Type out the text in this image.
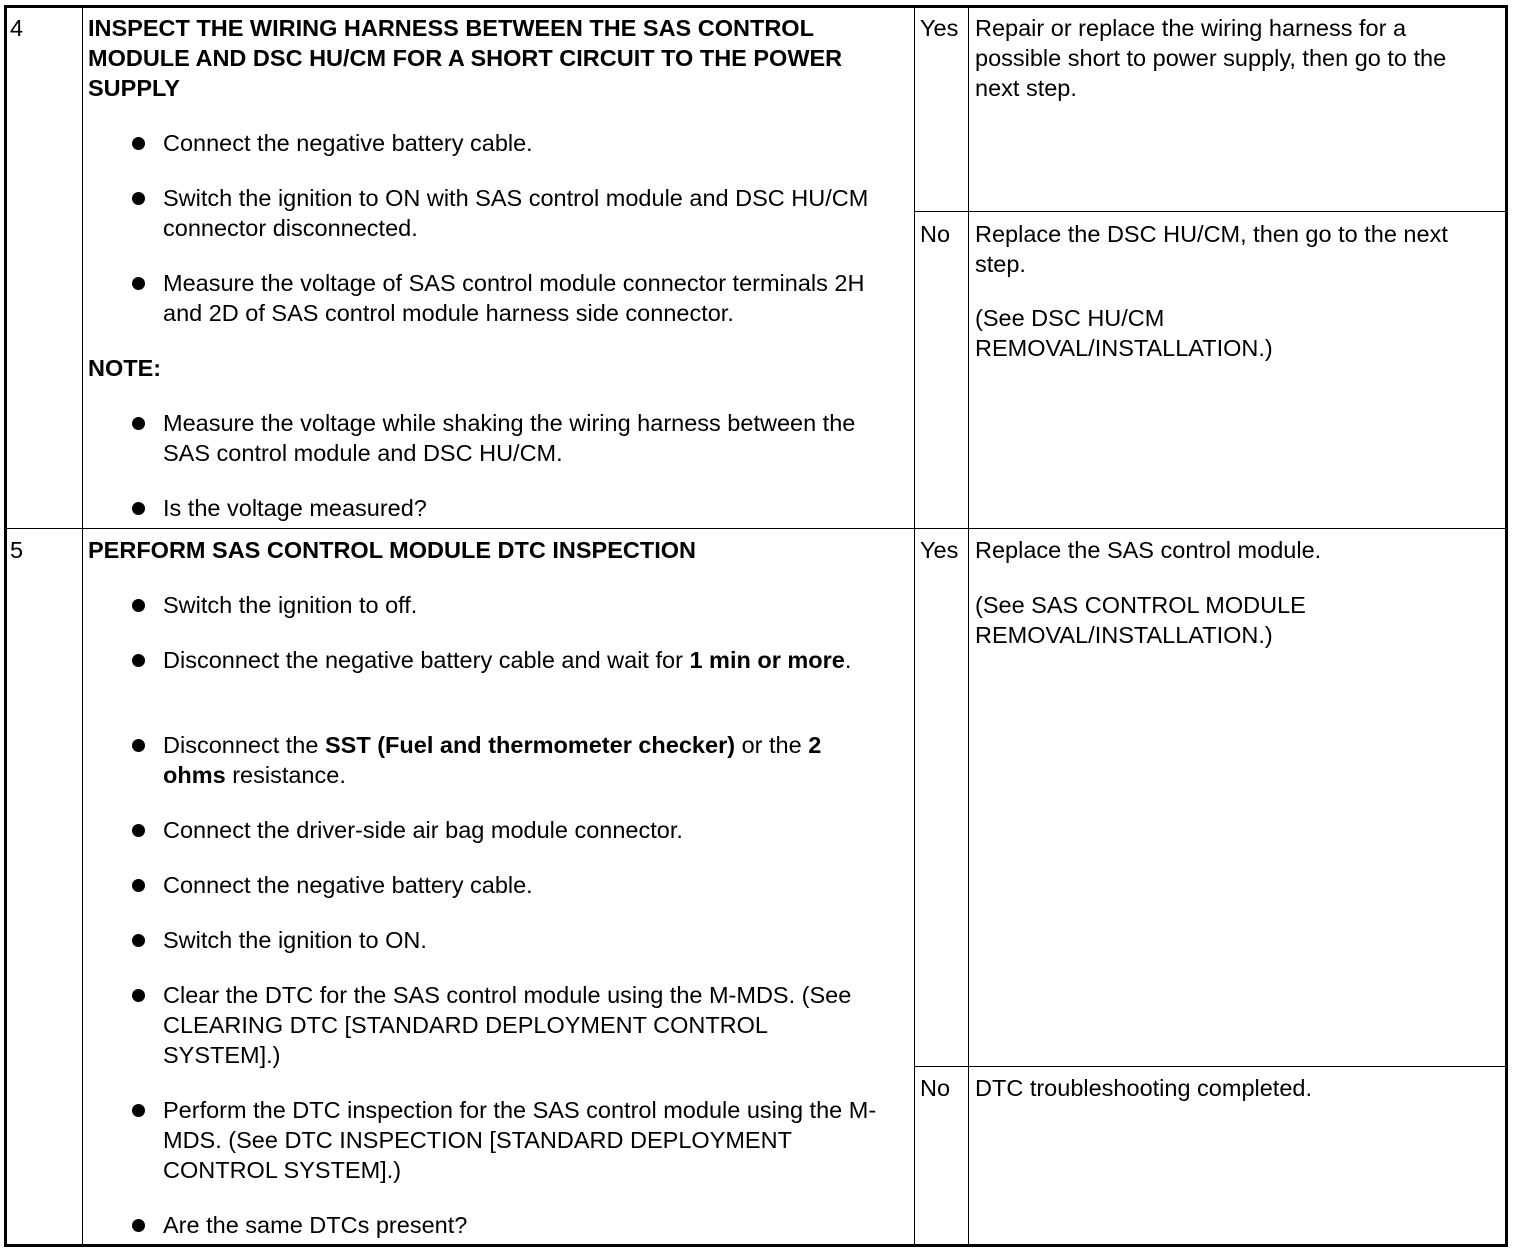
4	INSPECT THE WIRING HARNESS BETWEEN THE SAS CONTROL MODULE AND DSC HU/CM FOR A SHORT CIRCUIT TO THE POWER SUPPLY
Connect the negative battery cable.
Switch the ignition to ON with SAS control module and DSC HU/CM connector disconnected.
Measure the voltage of SAS control module connector terminals 2H and 2D of SAS control module harness side connector.
NOTE:
Measure the voltage while shaking the wiring harness between the SAS control module and DSC HU/CM.
Is the voltage measured?
Yes Repair or replace the wiring harness for a possible short to power supply, then go to the next step.
No Replace the DSC HU/CM, then go to the next step.
(See DSC HU/CM REMOVAL/INSTALLATION.)
5	PERFORM SAS CONTROL MODULE DTC INSPECTION
Switch the ignition to off.
Disconnect the negative battery cable and wait for 1 min or more.
Disconnect the SST (Fuel and thermometer checker) or the 2 ohms resistance.
Connect the driver-side air bag module connector.
Connect the negative battery cable.
Switch the ignition to ON.
Clear the DTC for the SAS control module using the M-MDS. (See CLEARING DTC [STANDARD DEPLOYMENT CONTROL SYSTEM].)
Perform the DTC inspection for the SAS control module using the M-MDS. (See DTC INSPECTION [STANDARD DEPLOYMENT CONTROL SYSTEM].)
Are the same DTCs present?
Yes Replace the SAS control module.
(See SAS CONTROL MODULE REMOVAL/INSTALLATION.)
No DTC troubleshooting completed.
